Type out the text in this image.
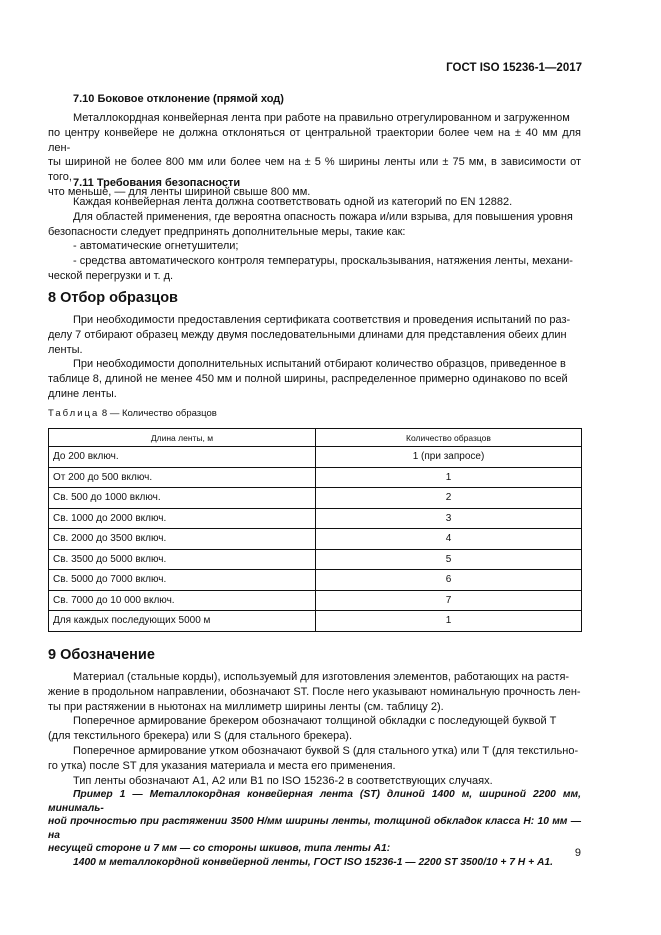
ГОСТ ISO 15236-1—2017
7.10 Боковое отклонение (прямой ход)
Металлокордная конвейерная лента при работе на правильно отрегулированном и загруженном
по центру конвейере не должна отклоняться от центральной траектории более чем на ± 40 мм для лен-
ты шириной не более 800 мм или более чем на ± 5 % ширины ленты или ± 75 мм, в зависимости от того,
что меньше, — для ленты шириной свыше 800 мм.
7.11 Требования безопасности
Каждая конвейерная лента должна соответствовать одной из категорий по EN 12882.
Для областей применения, где вероятна опасность пожара и/или взрыва, для повышения уровня
безопасности следует предпринять дополнительные меры, такие как:
- автоматические огнетушители;
- средства автоматического контроля температуры, проскальзывания, натяжения ленты, механи-
ческой перегрузки и т. д.
8 Отбор образцов
При необходимости предоставления сертификата соответствия и проведения испытаний по раз-
делу 7 отбирают образец между двумя последовательными длинами для представления обеих длин
ленты.
При необходимости дополнительных испытаний отбирают количество образцов, приведенное в
таблице 8, длиной не менее 450 мм и полной ширины, распределенное примерно одинаково по всей
длине ленты.
Таблица 8 — Количество образцов
Длина ленты, м	Количество образцов
До 200 включ.	1 (при запросе)
От 200 до 500 включ.	1
Св. 500 до 1000 включ.	2
Св. 1000 до 2000 включ.	3
Св. 2000 до 3500 включ.	4
Св. 3500 до 5000 включ.	5
Св. 5000 до 7000 включ.	6
Св. 7000 до 10 000 включ.	7
Для каждых последующих 5000 м	1
9 Обозначение
Материал (стальные корды), используемый для изготовления элементов, работающих на растя-
жение в продольном направлении, обозначают ST. После него указывают номинальную прочность лен-
ты при растяжении в ньютонах на миллиметр ширины ленты (см. таблицу 2).
Поперечное армирование брекером обозначают толщиной обкладки с последующей буквой T
(для текстильного брекера) или S (для стального брекера).
Поперечное армирование утком обозначают буквой S (для стального утка) или T (для текстильно-
го утка) после ST для указания материала и места его применения.
Тип ленты обозначают А1, А2 или В1 по ISO 15236-2 в соответствующих случаях.
Пример 1 — Металлокордная конвейерная лента (ST) длиной 1400 м, шириной 2200 мм, минималь-
ной прочностью при растяжении 3500 Н/мм ширины ленты, толщиной обкладок класса H: 10 мм — на
несущей стороне и 7 мм — со стороны шкивов, типа ленты А1:
1400 м металлокордной конвейерной ленты, ГОСТ ISO 15236-1 — 2200 ST 3500/10 + 7 H + А1.
9
